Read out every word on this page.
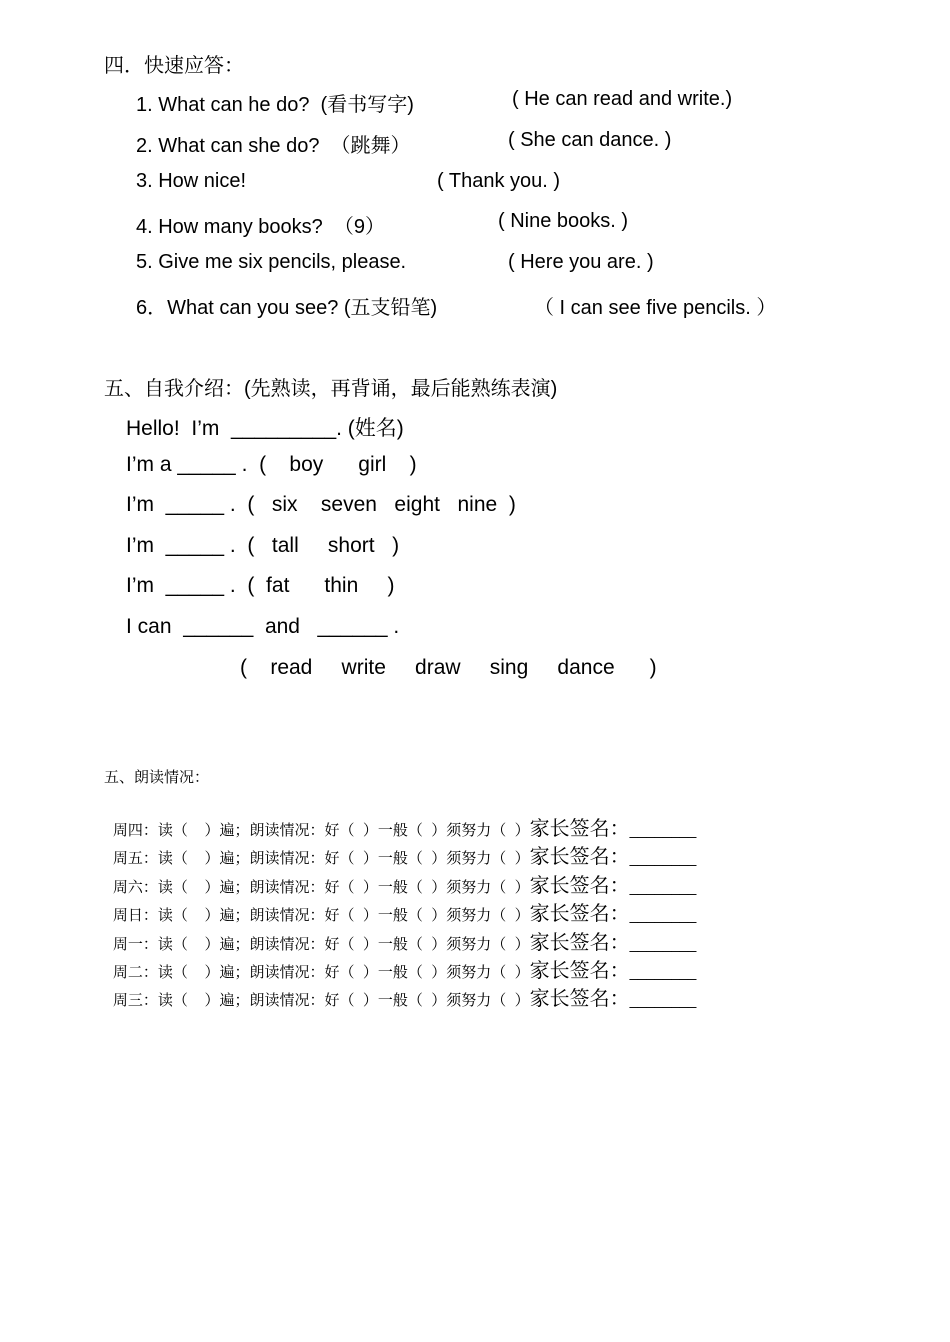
四．快速应答：
1. What can he do?  (看书写字)	( He can read and write.)
2. What can she do?  （跳舞）	( She can dance. )
3. How nice!	( Thank you. )
4. How many books?  （9）	( Nine books. )
5. Give me six pencils, please.	( Here you are. )
6．What can you see? (五支铅笔)	（ I can see five pencils. ）
五、自我介绍：(先熟读，再背诵，最后能熟练表演)
Hello!  I’m  _________. (姓名)
I’m a _____ .  (    boy      girl    )
I’m  _____ .  (   six    seven   eight   nine  )
I’m  _____ .  (   tall     short   )
I’m  _____ .  (  fat      thin     )
I can  ______  and   ______ .
(    read     write     draw     sing     dance      )
五、朗读情况：

周四：读（    ）遍；朗读情况：好（  ）一般（  ）须努力（  ）家长签名：________

周五：读（    ）遍；朗读情况：好（  ）一般（  ）须努力（  ）家长签名：________

周六：读（    ）遍；朗读情况：好（  ）一般（  ）须努力（  ）家长签名：________

周日：读（    ）遍；朗读情况：好（  ）一般（  ）须努力（  ）家长签名：________

周一：读（    ）遍；朗读情况：好（  ）一般（  ）须努力（  ）家长签名：________

周二：读（    ）遍；朗读情况：好（  ）一般（  ）须努力（  ）家长签名：________

周三：读（    ）遍；朗读情况：好（  ）一般（  ）须努力（  ）家长签名：________
